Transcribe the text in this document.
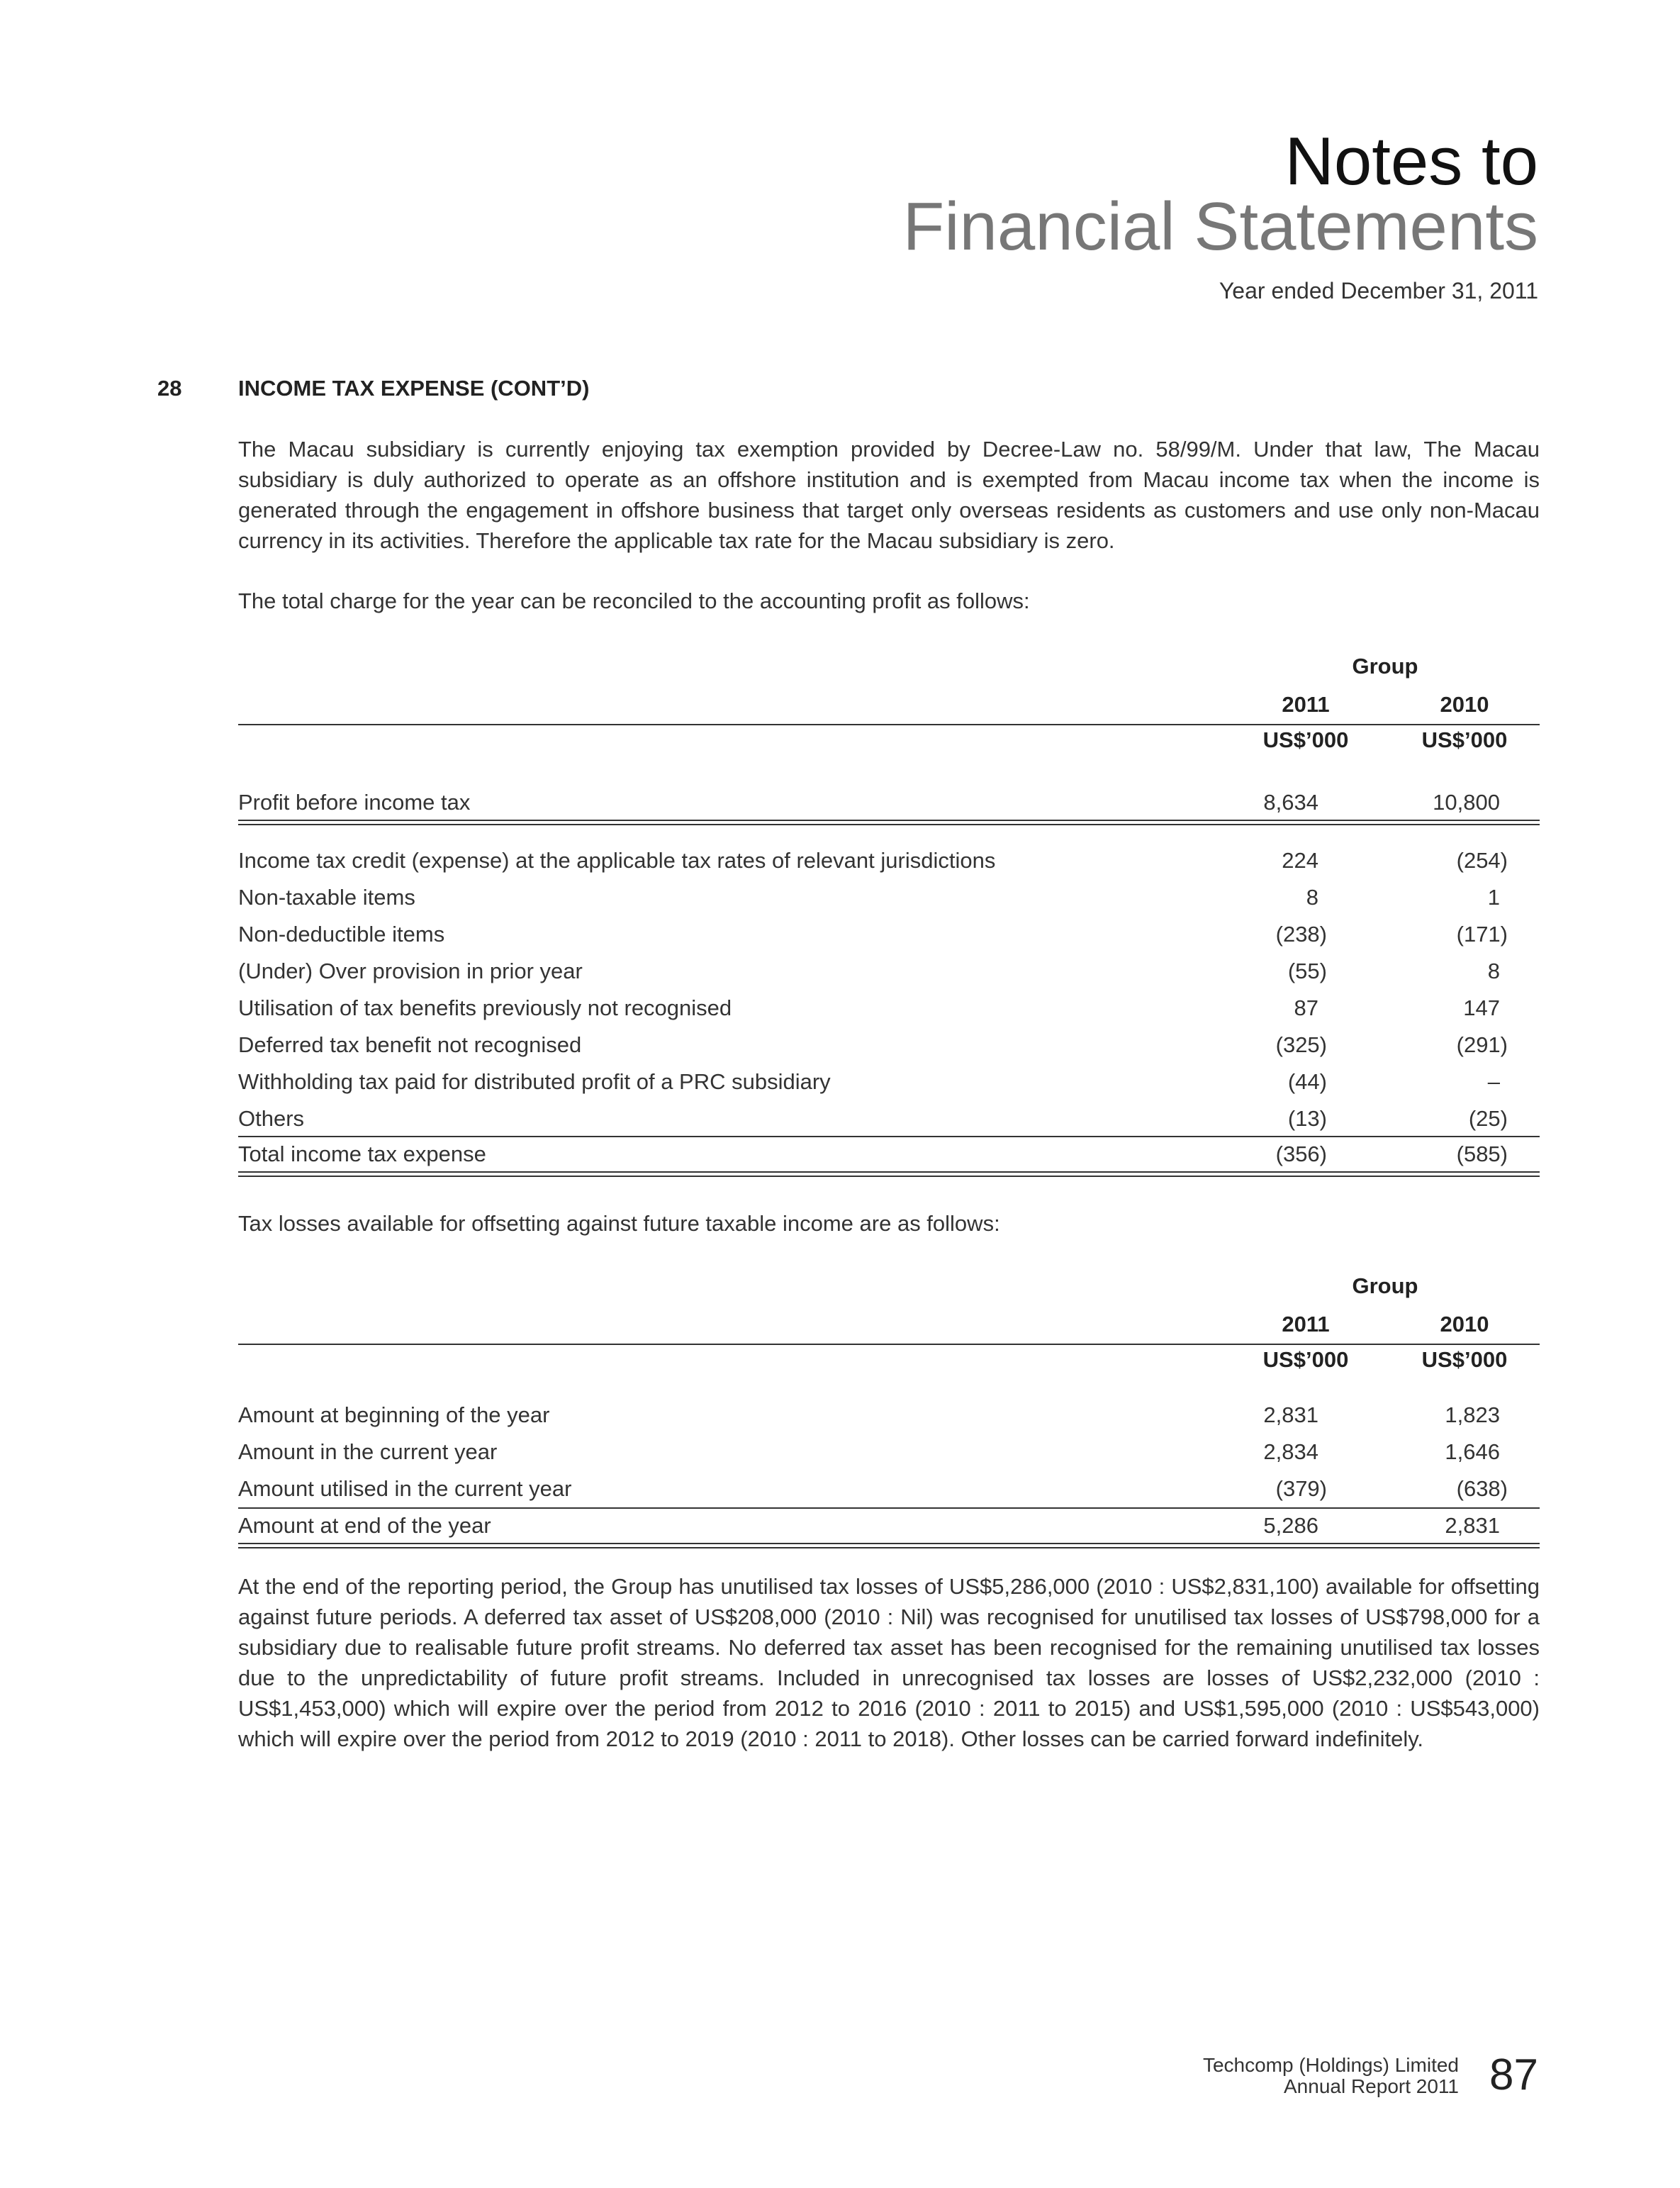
Notes to
Financial Statements
Year ended December 31, 2011
28	INCOME TAX EXPENSE (CONT’D)

The Macau subsidiary is currently enjoying tax exemption provided by Decree-Law no. 58/99/M. Under that law, The Macau subsidiary is duly authorized to operate as an offshore institution and is exempted from Macau income tax when the income is generated through the engagement in offshore business that target only overseas residents as customers and use only non-Macau currency in its activities. Therefore the applicable tax rate for the Macau subsidiary is zero.

The total charge for the year can be reconciled to the accounting profit as follows:

Group
2011	2010
US$’000	US$’000
Profit before income tax	8,634	10,800
Income tax credit (expense) at the applicable tax rates of relevant jurisdictions	224	(254)
Non-taxable items	8	1
Non-deductible items	(238)	(171)
(Under) Over provision in prior year	(55)	8
Utilisation of tax benefits previously not recognised	87	147
Deferred tax benefit not recognised	(325)	(291)
Withholding tax paid for distributed profit of a PRC subsidiary	(44)	–
Others	(13)	(25)
Total income tax expense	(356)	(585)

Tax losses available for offsetting against future taxable income are as follows:

Group
2011	2010
US$’000	US$’000
Amount at beginning of the year	2,831	1,823
Amount in the current year	2,834	1,646
Amount utilised in the current year	(379)	(638)
Amount at end of the year	5,286	2,831

At the end of the reporting period, the Group has unutilised tax losses of US$5,286,000 (2010 : US$2,831,100) available for offsetting against future periods. A deferred tax asset of US$208,000 (2010 : Nil) was recognised for unutilised tax losses of US$798,000 for a subsidiary due to realisable future profit streams. No deferred tax asset has been recognised for the remaining unutilised tax losses due to the unpredictability of future profit streams. Included in unrecognised tax losses are losses of US$2,232,000 (2010 : US$1,453,000) which will expire over the period from 2012 to 2016 (2010 : 2011 to 2015) and US$1,595,000 (2010 : US$543,000) which will expire over the period from 2012 to 2019 (2010 : 2011 to 2018). Other losses can be carried forward indefinitely.

Techcomp (Holdings) Limited
Annual Report 2011 87
